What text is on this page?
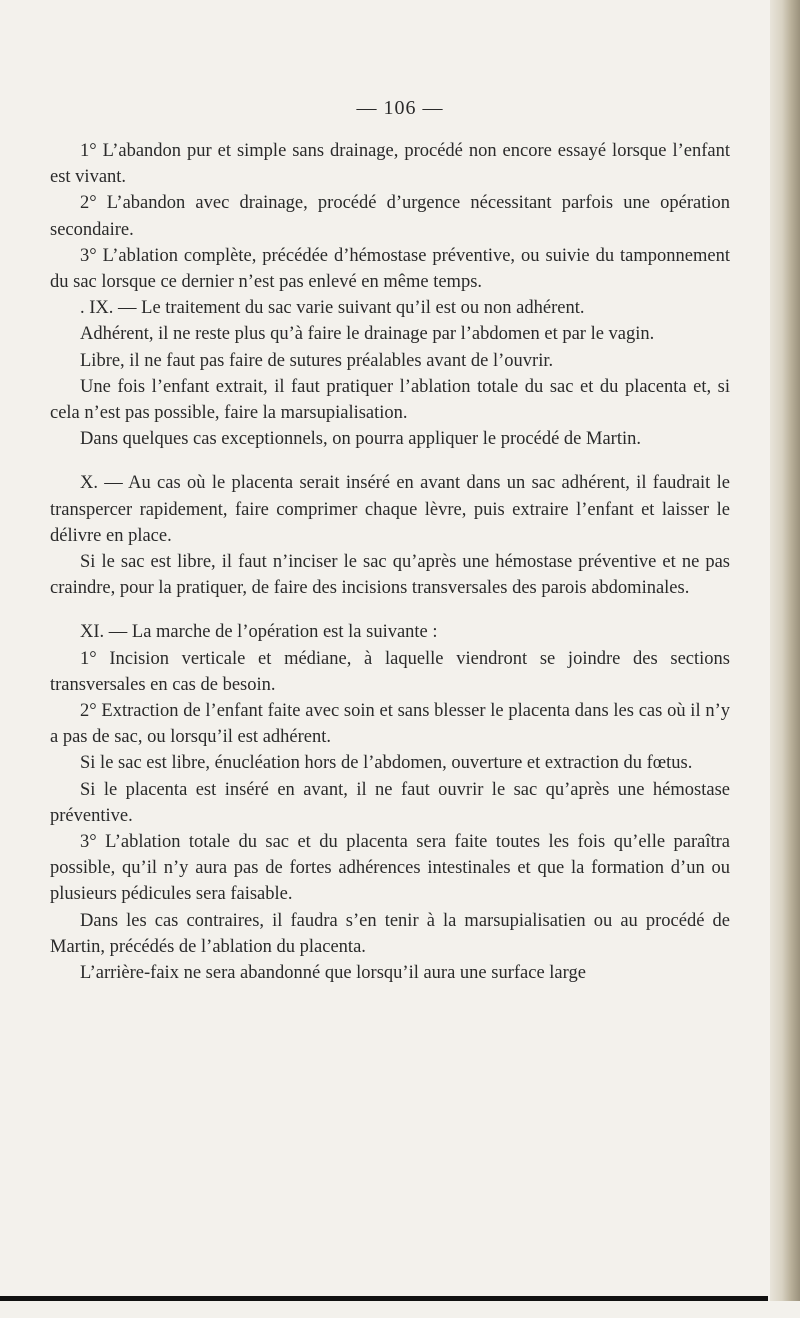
— 106 —

1° L’abandon pur et simple sans drainage, procédé non encore essayé lorsque l’enfant est vivant.

2° L’abandon avec drainage, procédé d’urgence nécessitant parfois une opération secondaire.

3° L’ablation complète, précédée d’hémostase préventive, ou suivie du tamponnement du sac lorsque ce dernier n’est pas enlevé en même temps.

. IX. — Le traitement du sac varie suivant qu’il est ou non adhérent.

Adhérent, il ne reste plus qu’à faire le drainage par l’abdomen et par le vagin.

Libre, il ne faut pas faire de sutures préalables avant de l’ouvrir.

Une fois l’enfant extrait, il faut pratiquer l’ablation totale du sac et du placenta et, si cela n’est pas possible, faire la marsupialisation.

Dans quelques cas exceptionnels, on pourra appliquer le procédé de Martin.

X. — Au cas où le placenta serait inséré en avant dans un sac adhérent, il faudrait le transpercer rapidement, faire comprimer chaque lèvre, puis extraire l’enfant et laisser le délivre en place.

Si le sac est libre, il faut n’inciser le sac qu’après une hémostase préventive et ne pas craindre, pour la pratiquer, de faire des incisions transversales des parois abdominales.

XI. — La marche de l’opération est la suivante :

1° Incision verticale et médiane, à laquelle viendront se joindre des sections transversales en cas de besoin.

2° Extraction de l’enfant faite avec soin et sans blesser le placenta dans les cas où il n’y a pas de sac, ou lorsqu’il est adhérent.

Si le sac est libre, énucléation hors de l’abdomen, ouverture et extraction du fœtus.

Si le placenta est inséré en avant, il ne faut ouvrir le sac qu’après une hémostase préventive.

3° L’ablation totale du sac et du placenta sera faite toutes les fois qu’elle paraîtra possible, qu’il n’y aura pas de fortes adhérences intestinales et que la formation d’un ou plusieurs pédicules sera faisable.

Dans les cas contraires, il faudra s’en tenir à la marsupialisatien ou au procédé de Martin, précédés de l’ablation du placenta.

L’arrière-faix ne sera abandonné que lorsqu’il aura une surface large
